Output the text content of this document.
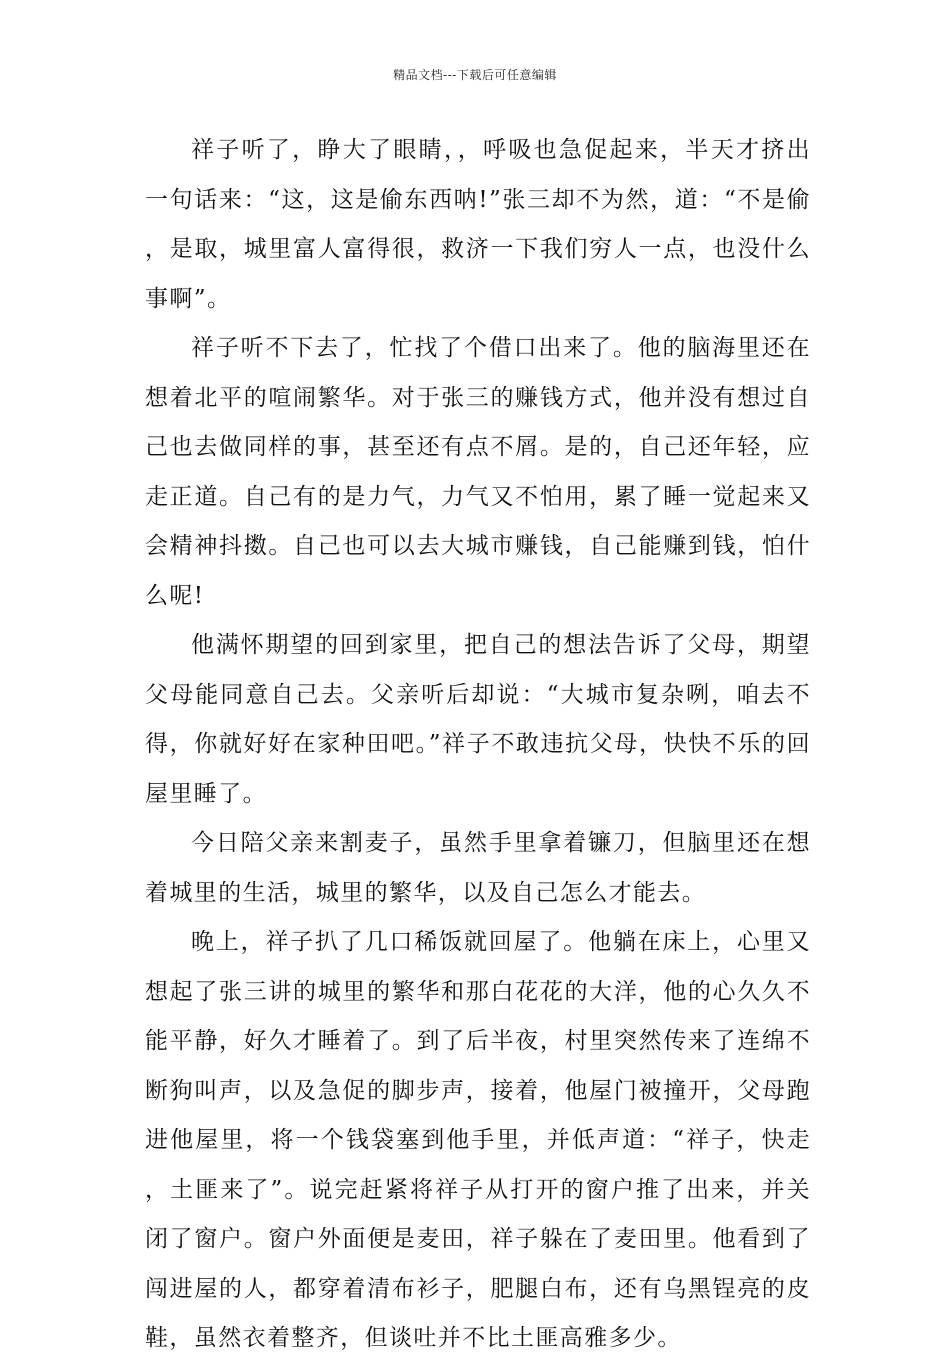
精品文档---下载后可任意编辑

祥子听了，睁大了眼睛，，呼吸也急促起来，半天才挤出一句话来：“这，这是偷东西呐!”张三却不为然，道：“不是偷，是取，城里富人富得很，救济一下我们穷人一点，也没什么事啊”。

祥子听不下去了，忙找了个借口出来了。他的脑海里还在想着北平的喧闹繁华。对于张三的赚钱方式，他并没有想过自己也去做同样的事，甚至还有点不屑。是的，自己还年轻，应走正道。自己有的是力气，力气又不怕用，累了睡一觉起来又会精神抖擞。自己也可以去大城市赚钱，自己能赚到钱，怕什么呢!

他满怀期望的回到家里，把自己的想法告诉了父母，期望父母能同意自己去。父亲听后却说：“大城市复杂咧，咱去不得，你就好好在家种田吧。”祥子不敢违抗父母，快快不乐的回屋里睡了。

今日陪父亲来割麦子，虽然手里拿着镰刀，但脑里还在想着城里的生活，城里的繁华，以及自己怎么才能去。

晚上，祥子扒了几口稀饭就回屋了。他躺在床上，心里又想起了张三讲的城里的繁华和那白花花的大洋，他的心久久不能平静，好久才睡着了。到了后半夜，村里突然传来了连绵不断狗叫声，以及急促的脚步声，接着，他屋门被撞开，父母跑进他屋里，将一个钱袋塞到他手里，并低声道：“祥子，快走，土匪来了”。说完赶紧将祥子从打开的窗户推了出来，并关闭了窗户。窗户外面便是麦田，祥子躲在了麦田里。他看到了闯进屋的人，都穿着清布衫子，肥腿白布，还有乌黑锃亮的皮鞋，虽然衣着整齐，但谈吐并不比土匪高雅多少。
